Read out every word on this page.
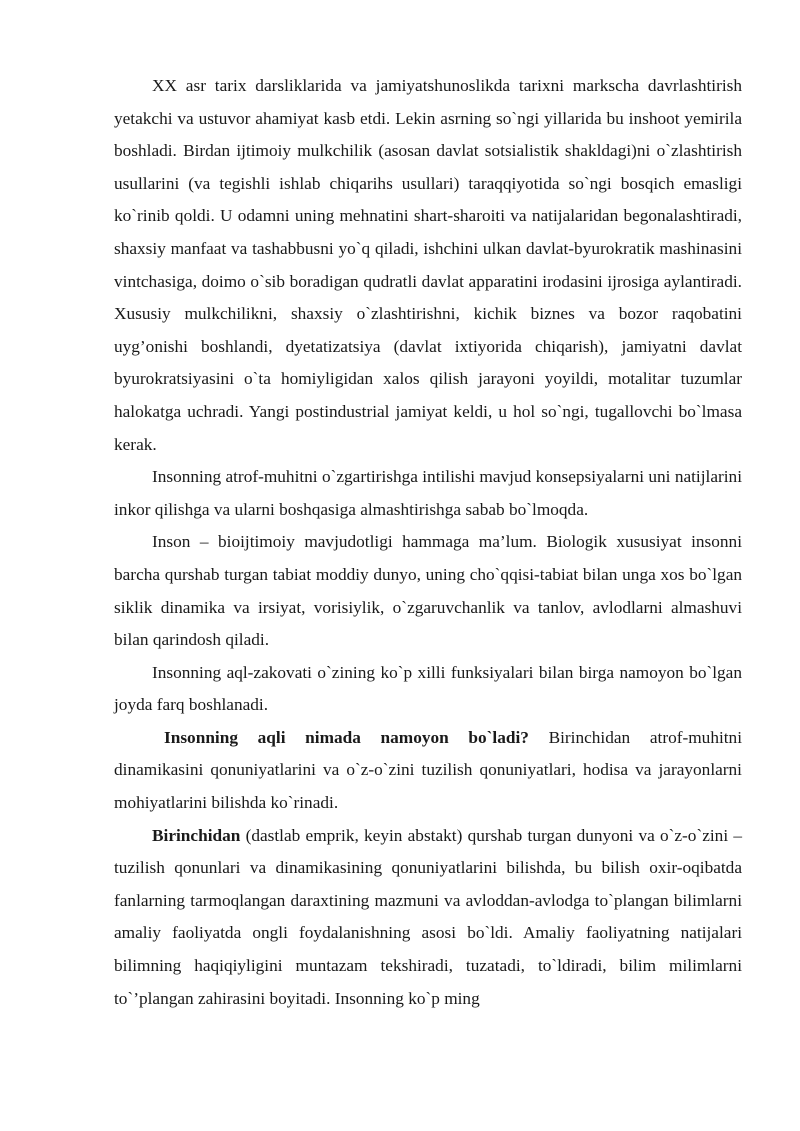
XX asr tarix darsliklarida va jamiyatshunoslikda tarixni markscha davrlashtirish yetakchi va ustuvor ahamiyat kasb etdi. Lekin asrning so`ngi yillarida bu inshoot yemirila boshladi. Birdan ijtimoiy mulkchilik (asosan davlat sotsialistik shakldagi)ni o`zlashtirish usullarini (va tegishli ishlab chiqarihs usullari) taraqqiyotida so`ngi bosqich emasligi ko`rinib qoldi. U odamni uning mehnatini shart-sharoiti va natijalaridan begonalashtiradi, shaxsiy manfaat va tashabbusni yo`q qiladi, ishchini ulkan davlat-byurokratik mashinasini vintchasiga, doimo o`sib boradigan qudratli davlat apparatini irodasini ijrosiga aylantiradi. Xususiy mulkchilikni, shaxsiy o`zlashtirishni, kichik biznes va bozor raqobatini uyg’onishi boshlandi, dyetatizatsiya (davlat ixtiyorida chiqarish), jamiyatni davlat byurokratsiyasini o`ta homiyligidan xalos qilish jarayoni yoyildi, motalitar tuzumlar halokatga uchradi. Yangi postindustrial jamiyat keldi, u hol so`ngi, tugallovchi bo`lmasa kerak.

Insonning atrof-muhitni o`zgartirishga intilishi mavjud konsepsiyalarni uni natijlarini inkor qilishga va ularni boshqasiga almashtirishga sabab bo`lmoqda.

Inson – bioijtimoiy mavjudotligi hammaga ma’lum. Biologik xususiyat insonni barcha qurshab turgan tabiat moddiy dunyo, uning cho`qqisi-tabiat bilan unga xos bo`lgan siklik dinamika va irsiyat, vorisiylik, o`zgaruvchanlik va tanlov, avlodlarni almashuvi bilan qarindosh qiladi.

Insonning aql-zakovati o`zining ko`p xilli funksiyalari bilan birga namoyon bo`lgan joyda farq boshlanadi.

Insonning aqli nimada namoyon bo`ladi? Birinchidan atrof-muhitni dinamikasini qonuniyatlarini va o`z-o`zini tuzilish qonuniyatlari, hodisa va jarayonlarni mohiyatlarini bilishda ko`rinadi.

Birinchidan (dastlab emprik, keyin abstakt) qurshab turgan dunyoni va o`z-o`zini – tuzilish qonunlari va dinamikasining qonuniyatlarini bilishda, bu bilish oxir-oqibatda fanlarning tarmoqlangan daraxtining mazmuni va avloddan-avlodga to`plangan bilimlarni amaliy faoliyatda ongli foydalanishning asosi bo`ldi. Amaliy faoliyatning natijalari bilimning haqiqiyligini muntazam tekshiradi, tuzatadi, to`ldiradi, bilim milimlarni to`’plangan zahirasini boyitadi. Insonning ko`p ming
